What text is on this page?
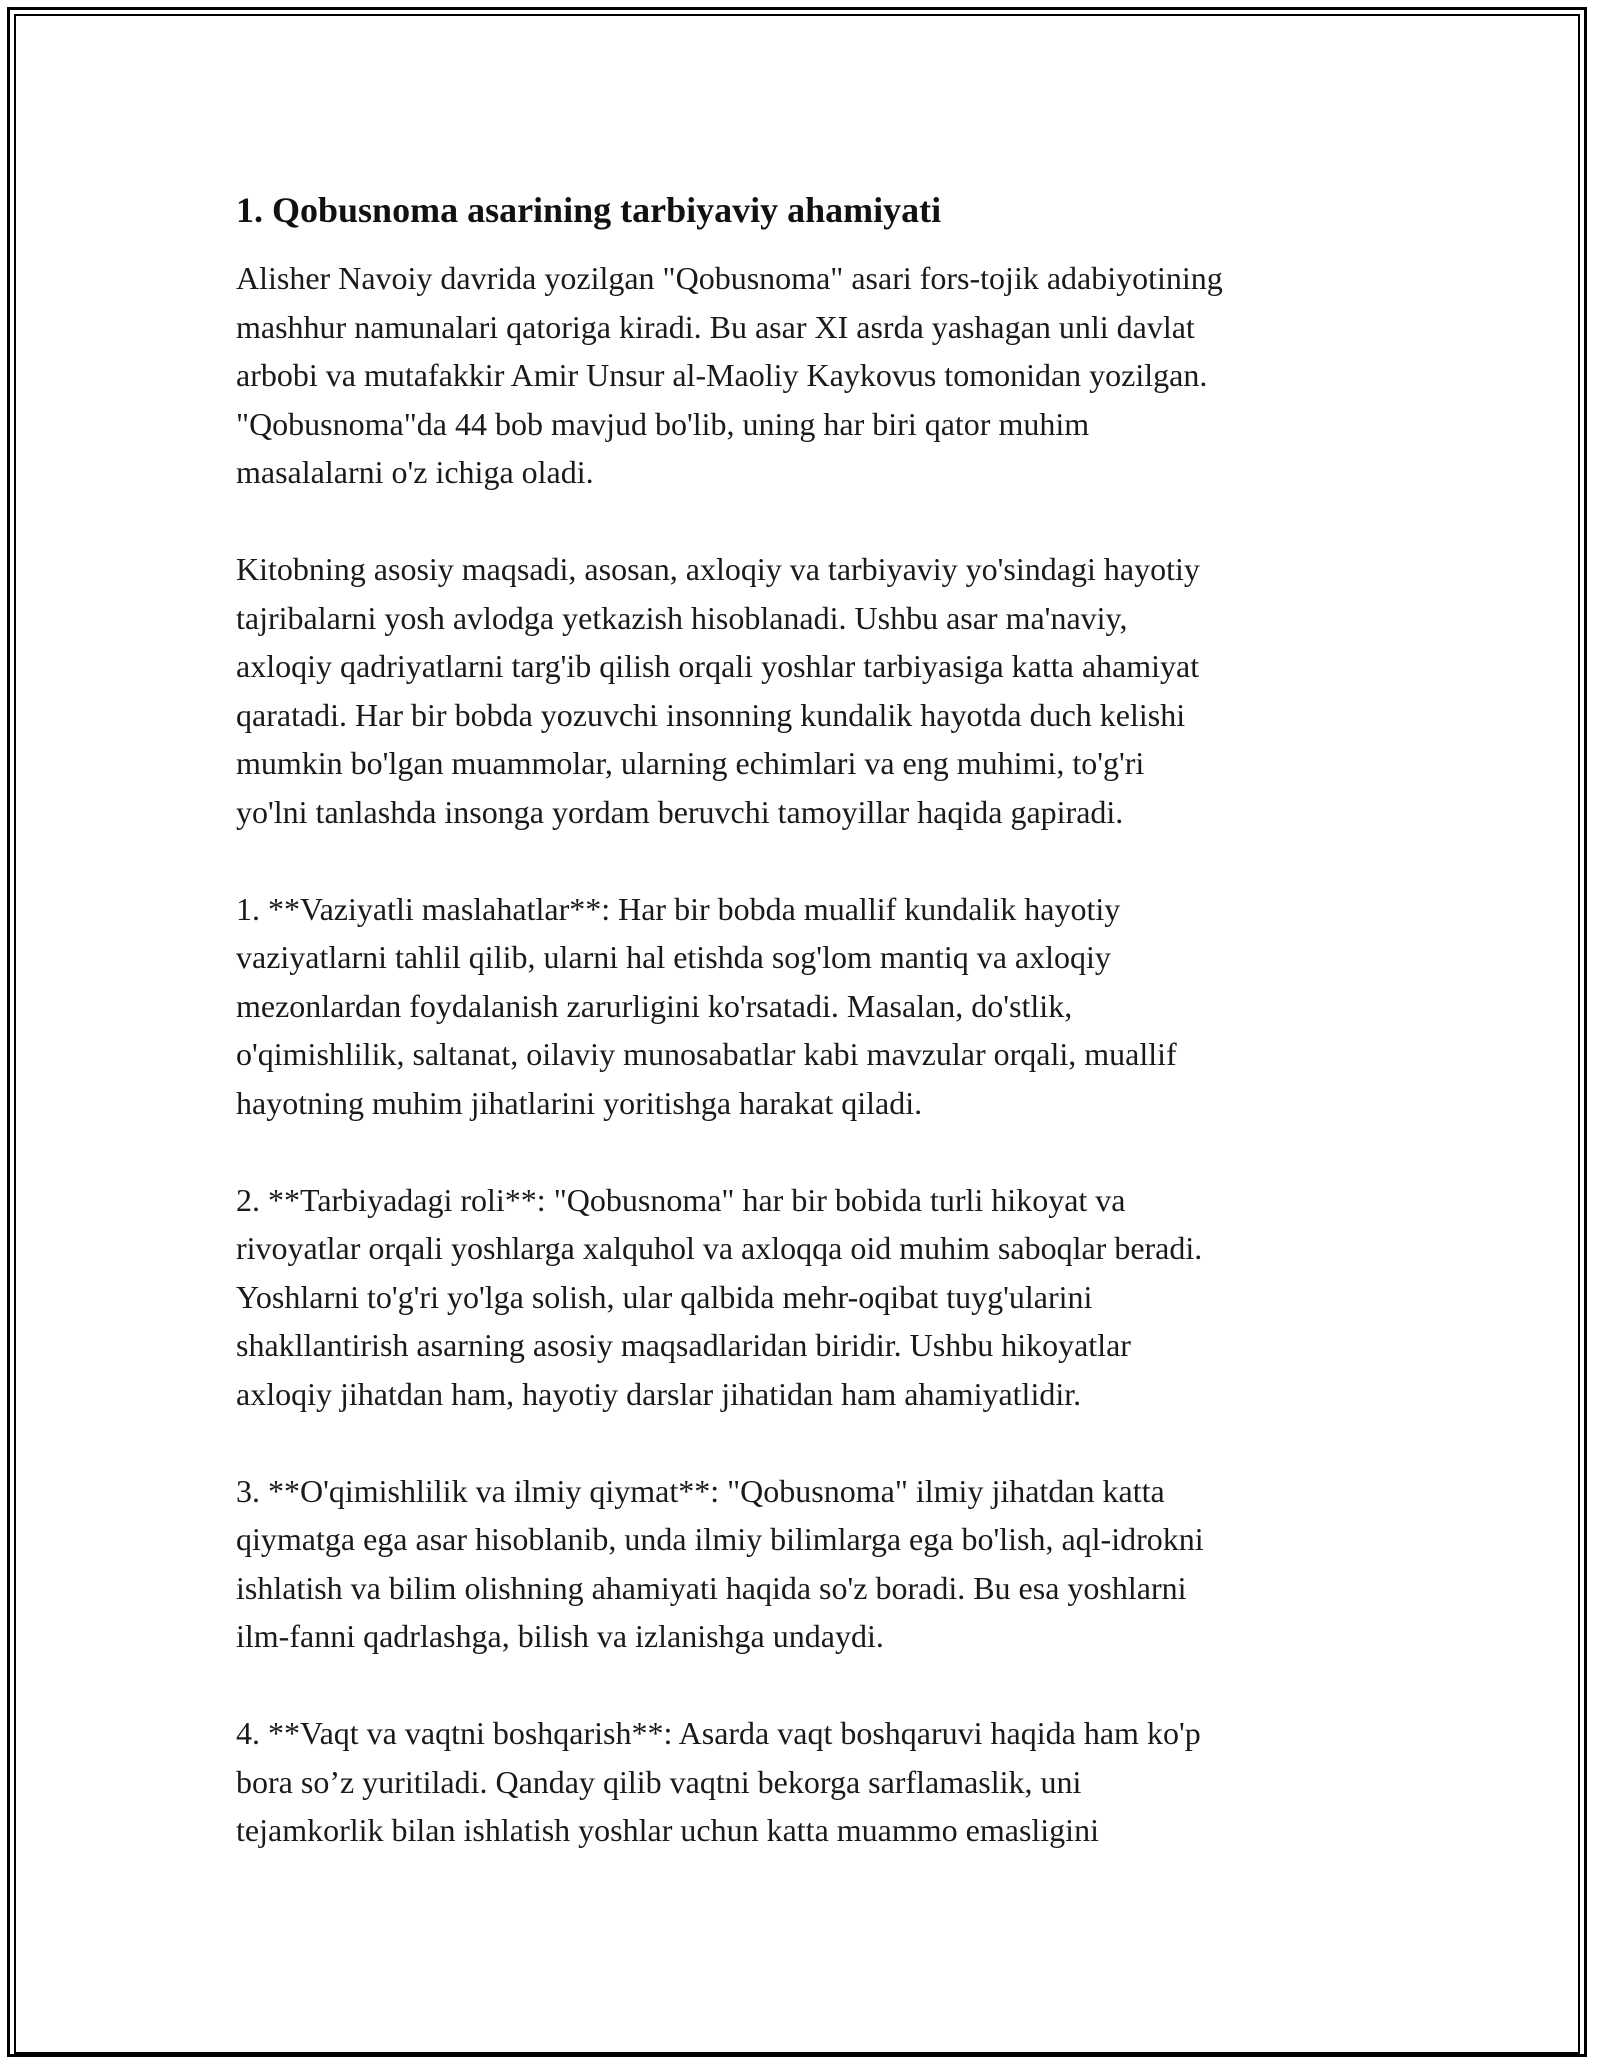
1. Qobusnoma asarining tarbiyaviy ahamiyati

Alisher Navoiy davrida yozilgan "Qobusnoma" asari fors-tojik adabiyotining
mashhur namunalari qatoriga kiradi. Bu asar XI asrda yashagan unli davlat
arbobi va mutafakkir Amir Unsur al-Maoliy Kaykovus tomonidan yozilgan.
"Qobusnoma"da 44 bob mavjud bo'lib, uning har biri qator muhim
masalalarni o'z ichiga oladi.

Kitobning asosiy maqsadi, asosan, axloqiy va tarbiyaviy yo'sindagi hayotiy
tajribalarni yosh avlodga yetkazish hisoblanadi. Ushbu asar ma'naviy,
axloqiy qadriyatlarni targ'ib qilish orqali yoshlar tarbiyasiga katta ahamiyat
qaratadi. Har bir bobda yozuvchi insonning kundalik hayotda duch kelishi
mumkin bo'lgan muammolar, ularning echimlari va eng muhimi, to'g'ri
yo'lni tanlashda insonga yordam beruvchi tamoyillar haqida gapiradi.

1. **Vaziyatli maslahatlar**: Har bir bobda muallif kundalik hayotiy
vaziyatlarni tahlil qilib, ularni hal etishda sog'lom mantiq va axloqiy
mezonlardan foydalanish zarurligini ko'rsatadi. Masalan, do'stlik,
o'qimishlilik, saltanat, oilaviy munosabatlar kabi mavzular orqali, muallif
hayotning muhim jihatlarini yoritishga harakat qiladi.

2. **Tarbiyadagi roli**: "Qobusnoma" har bir bobida turli hikoyat va
rivoyatlar orqali yoshlarga xalquhol va axloqqa oid muhim saboqlar beradi.
Yoshlarni to'g'ri yo'lga solish, ular qalbida mehr-oqibat tuyg'ularini
shakllantirish asarning asosiy maqsadlaridan biridir. Ushbu hikoyatlar
axloqiy jihatdan ham, hayotiy darslar jihatidan ham ahamiyatlidir.

3. **O'qimishlilik va ilmiy qiymat**: "Qobusnoma" ilmiy jihatdan katta
qiymatga ega asar hisoblanib, unda ilmiy bilimlarga ega bo'lish, aql-idrokni
ishlatish va bilim olishning ahamiyati haqida so'z boradi. Bu esa yoshlarni
ilm-fanni qadrlashga, bilish va izlanishga undaydi.

4. **Vaqt va vaqtni boshqarish**: Asarda vaqt boshqaruvi haqida ham ko'p
bora so’z yuritiladi. Qanday qilib vaqtni bekorga sarflamaslik, uni
tejamkorlik bilan ishlatish yoshlar uchun katta muammo emasligini
